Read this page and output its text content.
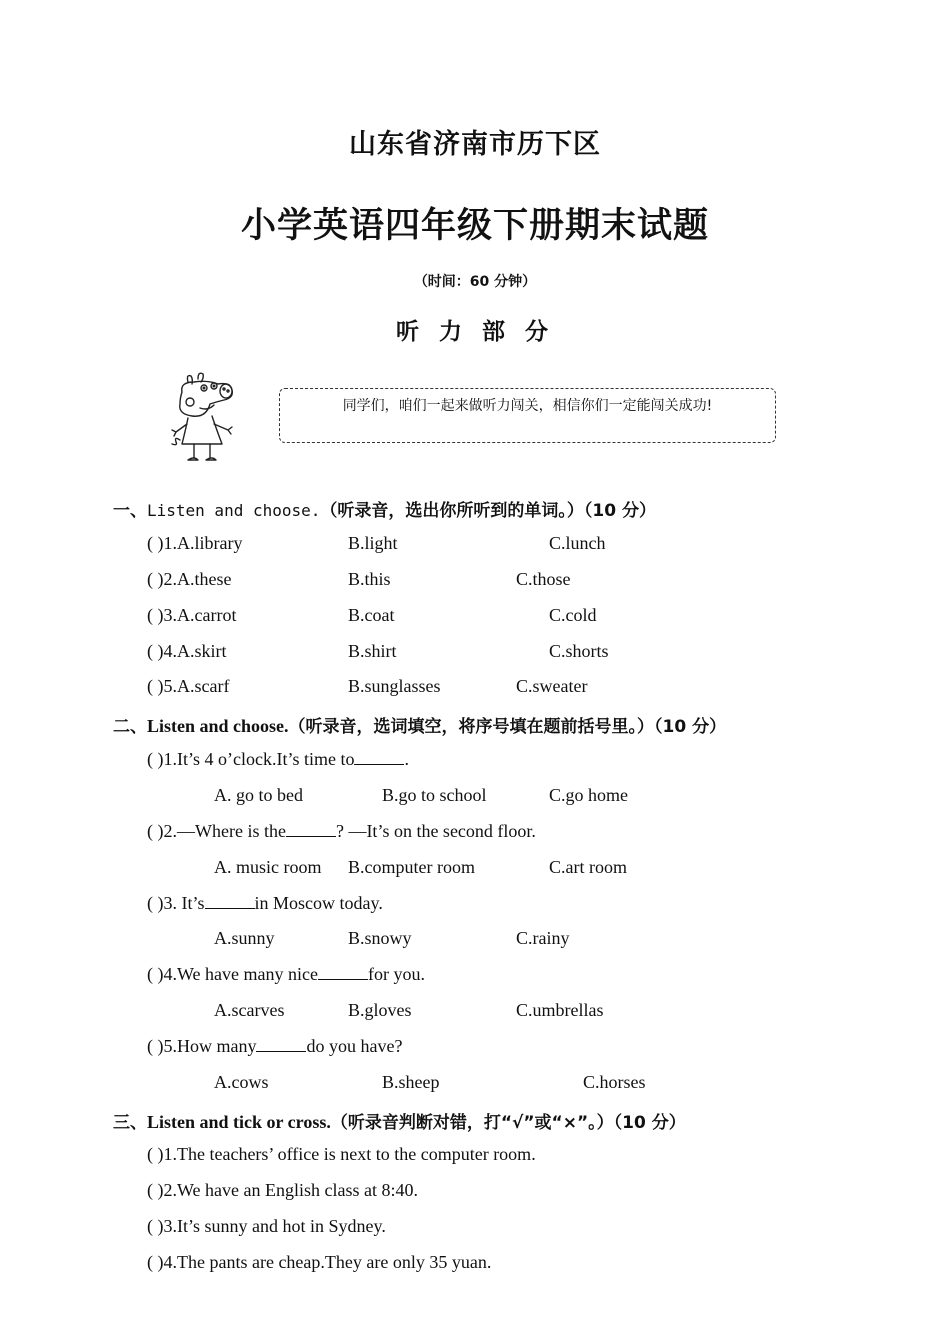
山东省济南市历下区
小学英语四年级下册期末试题
（时间：60 分钟）
听 力 部 分
同学们，咱们一起来做听力闯关，相信你们一定能闯关成功!
一、Listen and choose.（听录音，选出你所听到的单词。）（10 分）
( )1.A.library	B.light	C.lunch
( )2.A.these	B.this	C.those
( )3.A.carrot	B.coat	C.cold
( )4.A.skirt	B.shirt	C.shorts
( )5.A.scarf	B.sunglasses	C.sweater
二、Listen and choose.（听录音，选词填空，将序号填在题前括号里。）（10 分）
( )1.It’s 4 o’clock.It’s time to	.
A. go to bed	B.go to school	C.go home
( )2.—Where is the	? —It’s on the second floor.
A. music room B.computer room	C.art room
( )3. It’s	in Moscow today.
A.sunny	B.snowy	C.rainy
( )4.We have many nice	for you.
A.scarves	B.gloves	C.umbrellas
( )5.How many	do you have?
A.cows	B.sheep	C.horses
三、Listen and tick or cross.（听录音判断对错，打“√”或“×”。）（10 分）
( )1.The teachers’ office is next to the computer room.
( )2.We have an English class at 8:40.
( )3.It’s sunny and hot in Sydney.
( )4.The pants are cheap.They are only 35 yuan.
